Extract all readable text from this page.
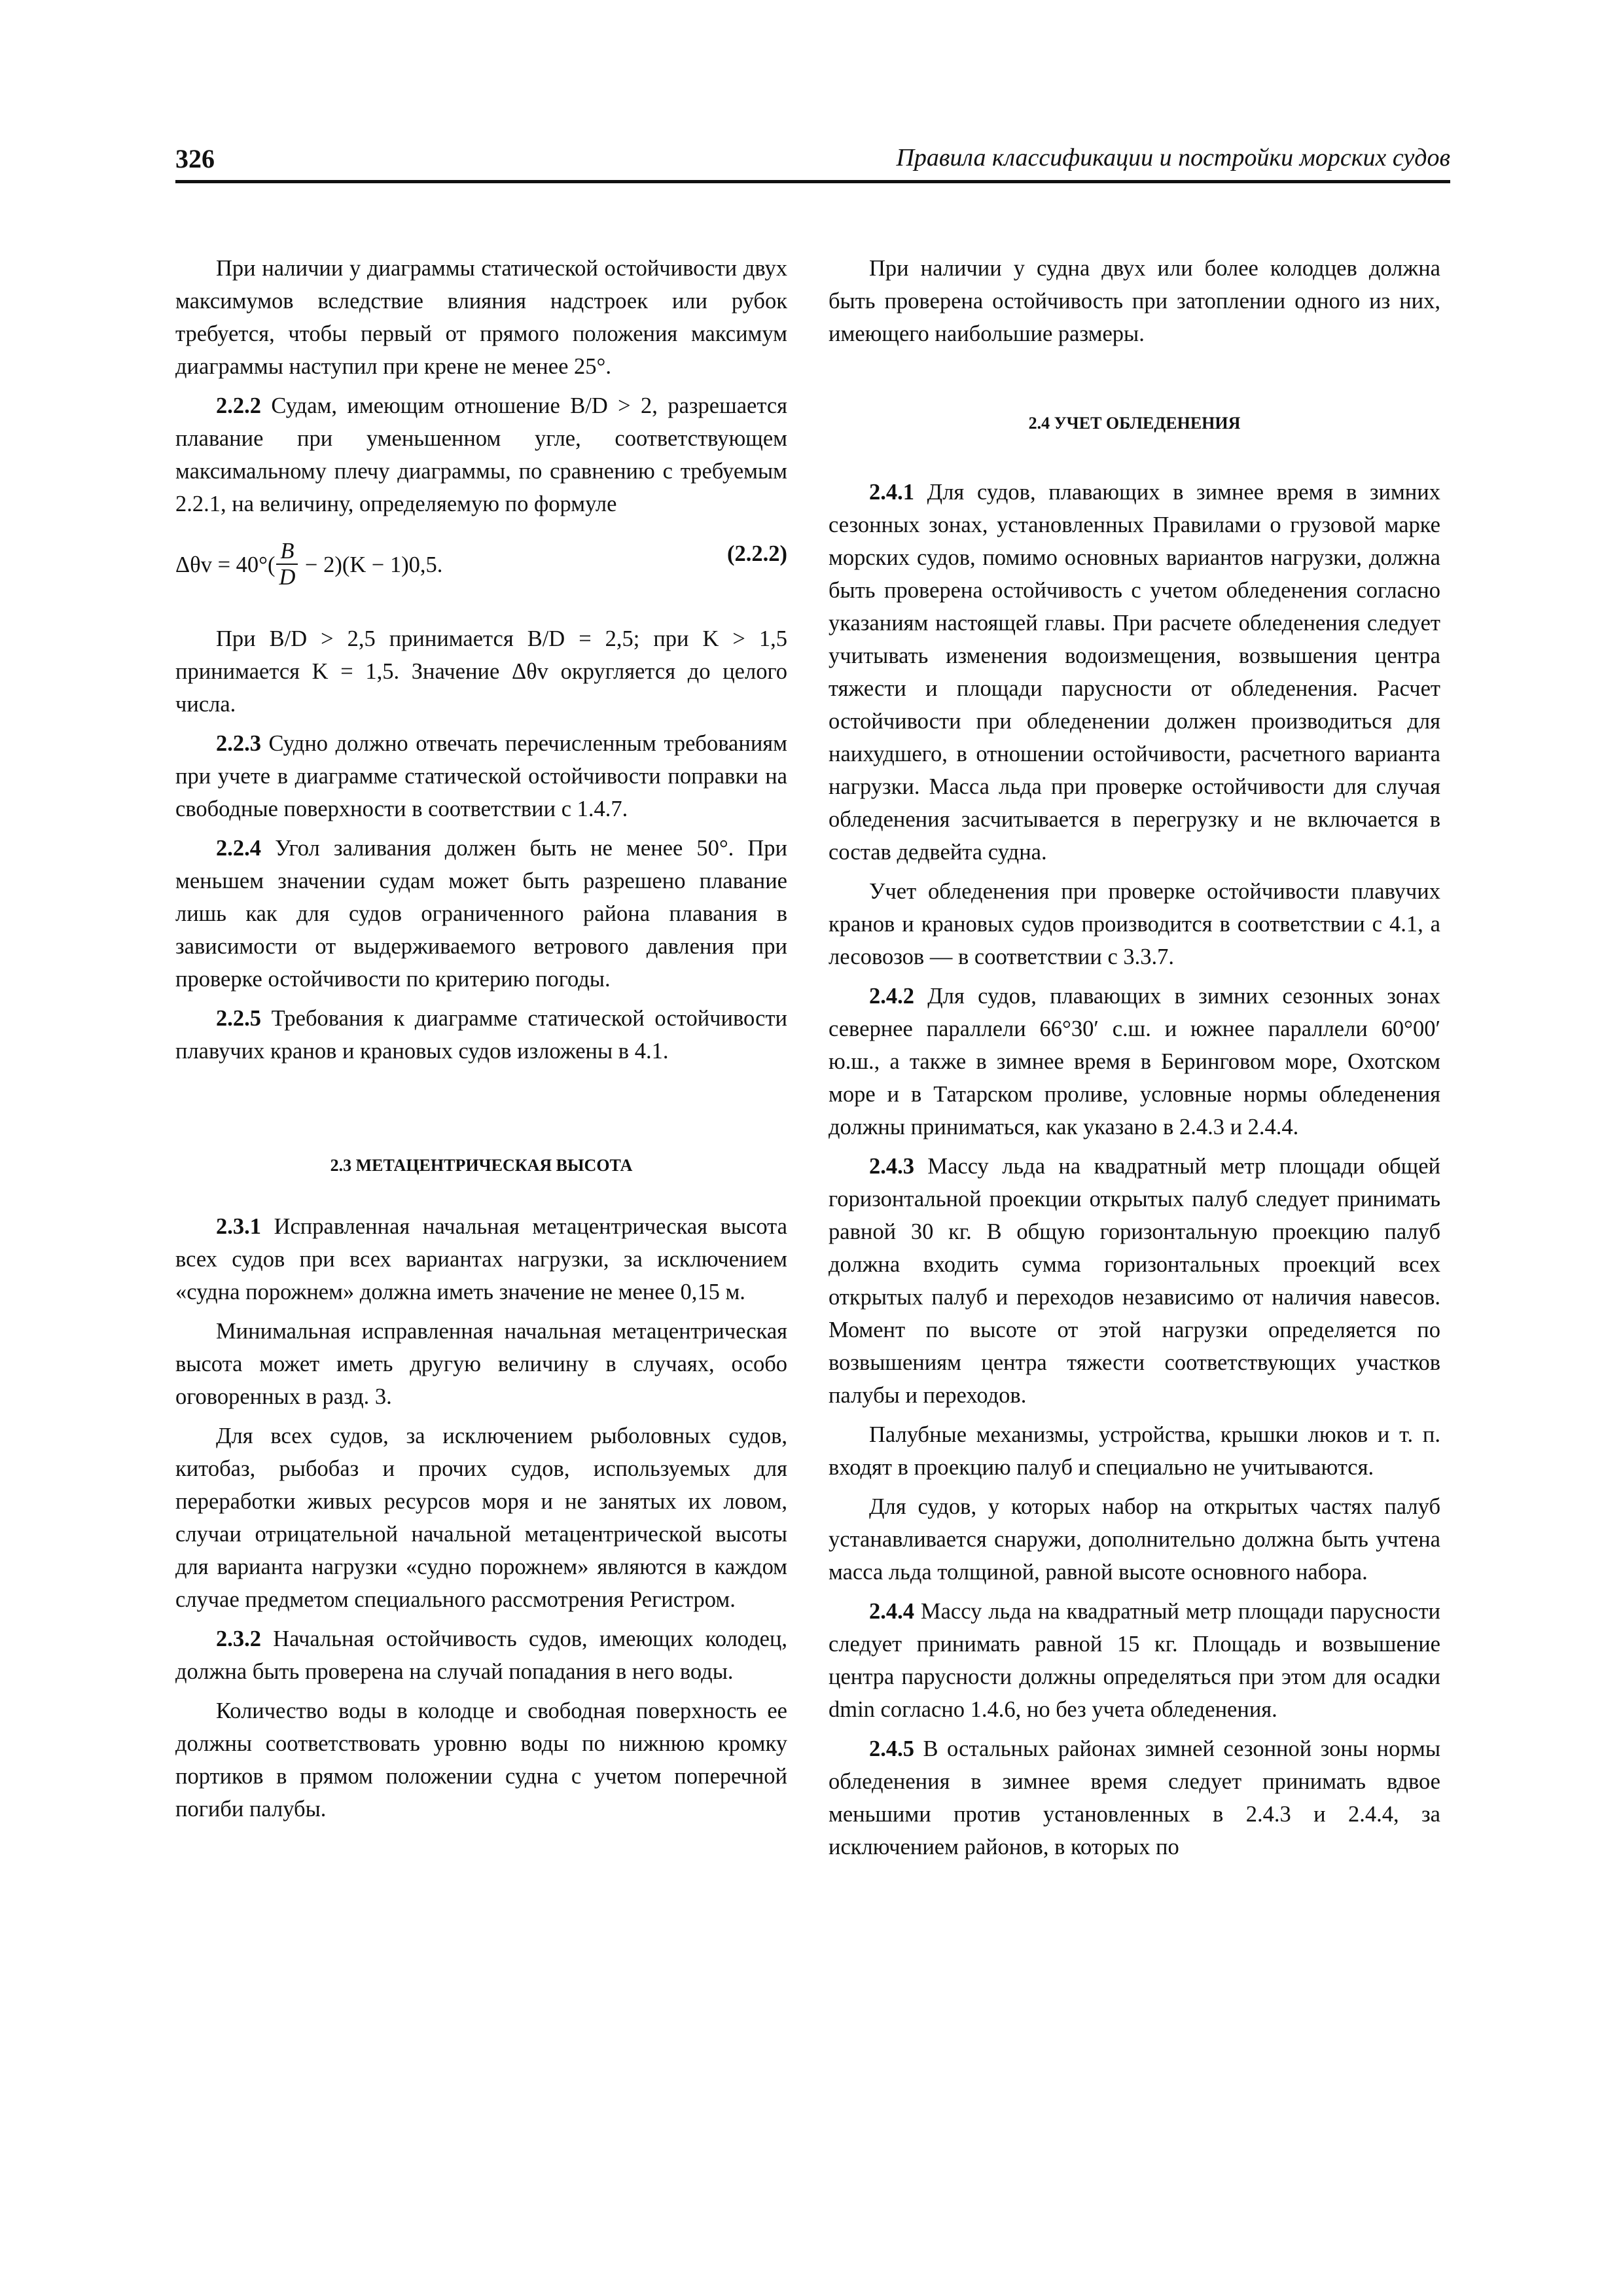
326	Правила классификации и постройки морских судов

При наличии у диаграммы статической остойчивости двух максимумов вследствие влияния надстроек или рубок требуется, чтобы первый от прямого положения максимум диаграммы наступил при крене не менее 25°.

2.2.2 Судам, имеющим отношение B/D > 2, разрешается плавание при уменьшенном угле, соответствующем максимальному плечу диаграммы, по сравнению с требуемым 2.2.1, на величину, определяемую по формуле

$\Delta\theta v = 40^\circ( \frac{B}{D} - 2)(K - 1)0,5$.	(2.2.2)

При B/D > 2,5 принимается B/D = 2,5; при K > 1,5 принимается K = 1,5. Значение Δθv округляется до целого числа.

2.2.3 Судно должно отвечать перечисленным требованиям при учете в диаграмме статической остойчивости поправки на свободные поверхности в соответствии с 1.4.7.

2.2.4 Угол заливания должен быть не менее 50°. При меньшем значении судам может быть разрешено плавание лишь как для судов ограниченного района плавания в зависимости от выдерживаемого ветрового давления при проверке остойчивости по критерию погоды.

2.2.5 Требования к диаграмме статической остойчивости плавучих кранов и крановых судов изложены в 4.1.

2.3 МЕТАЦЕНТРИЧЕСКАЯ ВЫСОТА

2.3.1 Исправленная начальная метацентрическая высота всех судов при всех вариантах нагрузки, за исключением «судна порожнем» должна иметь значение не менее 0,15 м.

Минимальная исправленная начальная метацентрическая высота может иметь другую величину в случаях, особо оговоренных в разд. 3.

Для всех судов, за исключением рыболовных судов, китобаз, рыбобаз и прочих судов, используемых для переработки живых ресурсов моря и не занятых их ловом, случаи отрицательной начальной метацентрической высоты для варианта нагрузки «судно порожнем» являются в каждом случае предметом специального рассмотрения Регистром.

2.3.2 Начальная остойчивость судов, имеющих колодец, должна быть проверена на случай попадания в него воды.

Количество воды в колодце и свободная поверхность ее должны соответствовать уровню воды по нижнюю кромку портиков в прямом положении судна с учетом поперечной погиби палубы.

При наличии у судна двух или более колодцев должна быть проверена остойчивость при затоплении одного из них, имеющего наибольшие размеры.

2.4 УЧЕТ ОБЛЕДЕНЕНИЯ

2.4.1 Для судов, плавающих в зимнее время в зимних сезонных зонах, установленных Правилами о грузовой марке морских судов, помимо основных вариантов нагрузки, должна быть проверена остойчивость с учетом обледенения согласно указаниям настоящей главы. При расчете обледенения следует учитывать изменения водоизмещения, возвышения центра тяжести и площади парусности от обледенения. Расчет остойчивости при обледенении должен производиться для наихудшего, в отношении остойчивости, расчетного варианта нагрузки. Масса льда при проверке остойчивости для случая обледенения засчитывается в перегрузку и не включается в состав дедвейта судна.

Учет обледенения при проверке остойчивости плавучих кранов и крановых судов производится в соответствии с 4.1, а лесовозов — в соответствии с 3.3.7.

2.4.2 Для судов, плавающих в зимних сезонных зонах севернее параллели 66°30′ с.ш. и южнее параллели 60°00′ ю.ш., а также в зимнее время в Беринговом море, Охотском море и в Татарском проливе, условные нормы обледенения должны приниматься, как указано в 2.4.3 и 2.4.4.

2.4.3 Массу льда на квадратный метр площади общей горизонтальной проекции открытых палуб следует принимать равной 30 кг. В общую горизонтальную проекцию палуб должна входить сумма горизонтальных проекций всех открытых палуб и переходов независимо от наличия навесов. Момент по высоте от этой нагрузки определяется по возвышениям центра тяжести соответствующих участков палубы и переходов.

Палубные механизмы, устройства, крышки люков и т. п. входят в проекцию палуб и специально не учитываются.

Для судов, у которых набор на открытых частях палуб устанавливается снаружи, дополнительно должна быть учтена масса льда толщиной, равной высоте основного набора.

2.4.4 Массу льда на квадратный метр площади парусности следует принимать равной 15 кг. Площадь и возвышение центра парусности должны определяться при этом для осадки dmin согласно 1.4.6, но без учета обледенения.

2.4.5 В остальных районах зимней сезонной зоны нормы обледенения в зимнее время следует принимать вдвое меньшими против установленных в 2.4.3 и 2.4.4, за исключением районов, в которых по
